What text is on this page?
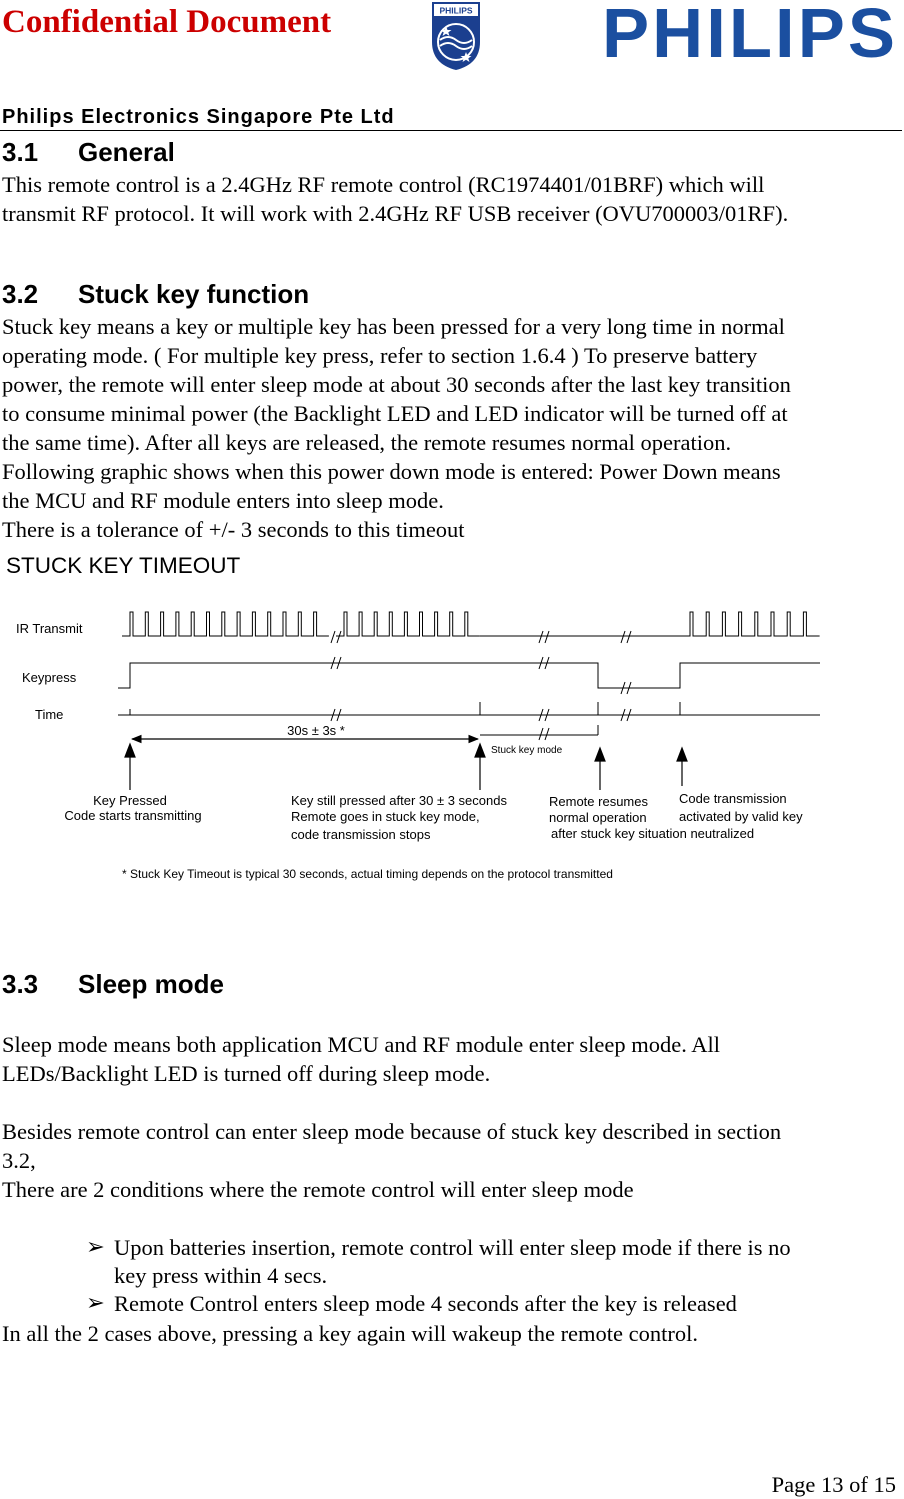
Confidential Document	PHILIPS PHILIPS
Philips Electronics Singapore Pte Ltd
3.1 General
This remote control is a 2.4GHz RF remote control (RC1974401/01BRF) which will
transmit RF protocol. It will work with 2.4GHz RF USB receiver (OVU700003/01RF).
3.2 Stuck key function
Stuck key means a key or multiple key has been pressed for a very long time in normal
operating mode. ( For multiple key press, refer to section 1.6.4 ) To preserve battery
power, the remote will enter sleep mode at about 30 seconds after the last key transition
to consume minimal power (the Backlight LED and LED indicator will be turned off at
the same time). After all keys are released, the remote resumes normal operation.
Following graphic shows when this power down mode is entered: Power Down means
the MCU and RF module enters into sleep mode.
There is a tolerance of +/- 3 seconds to this timeout
STUCK KEY TIMEOUT
IR Transmit
Keypress
Time
30s ± 3s *
Stuck key mode
Key Pressed
Code starts transmitting
Key still pressed after 30 ± 3 seconds
Remote goes in stuck key mode,
code transmission stops
Remote resumes
normal operation
after stuck key situation neutralized
Code transmission
activated by valid key
* Stuck Key Timeout is typical 30 seconds, actual timing depends on the protocol transmitted
3.3 Sleep mode
Sleep mode means both application MCU and RF module enter sleep mode. All
LEDs/Backlight LED is turned off during sleep mode.
Besides remote control can enter sleep mode because of stuck key described in section
3.2,
There are 2 conditions where the remote control will enter sleep mode
➢ Upon batteries insertion, remote control will enter sleep mode if there is no
key press within 4 secs.
➢ Remote Control enters sleep mode 4 seconds after the key is released
In all the 2 cases above, pressing a key again will wakeup the remote control.
Page 13 of 15
